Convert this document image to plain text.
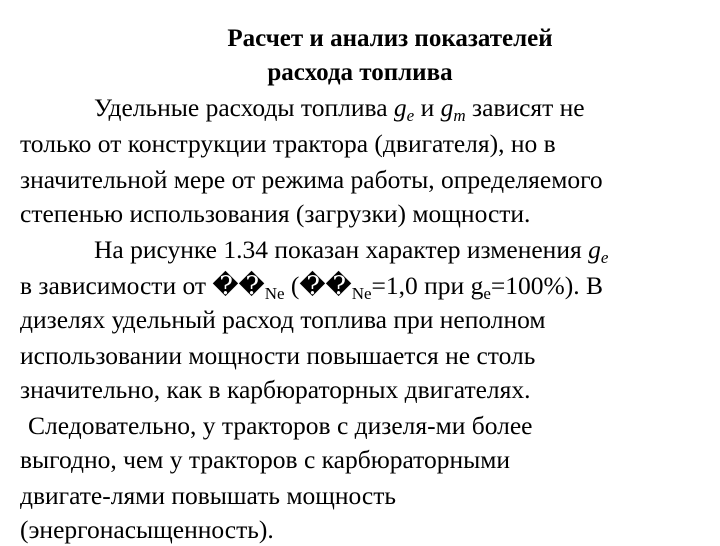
Расчет и анализ показателей
расхода топлива
Удельные расходы топлива $g_e$ и $g_m$ зависят не
только от конструкции трактора (двигателя), но в
значительной мере от режима работы, определяемого
степенью использования (загрузки) мощности.
На рисунке 1.34 показан характер изменения $g_e$
в зависимости от $��_{Ne}$ ($��_{Ne}=1,0$ при $g_e=100\%$). В
дизелях удельный расход топлива при неполном
использовании мощности повышается не столь
значительно, как в карбюраторных двигателях.
Следовательно, у тракторов с дизеля-ми более
выгодно, чем у тракторов с карбюраторными
двигате-лями повышать мощность
(энергонасыщенность).
